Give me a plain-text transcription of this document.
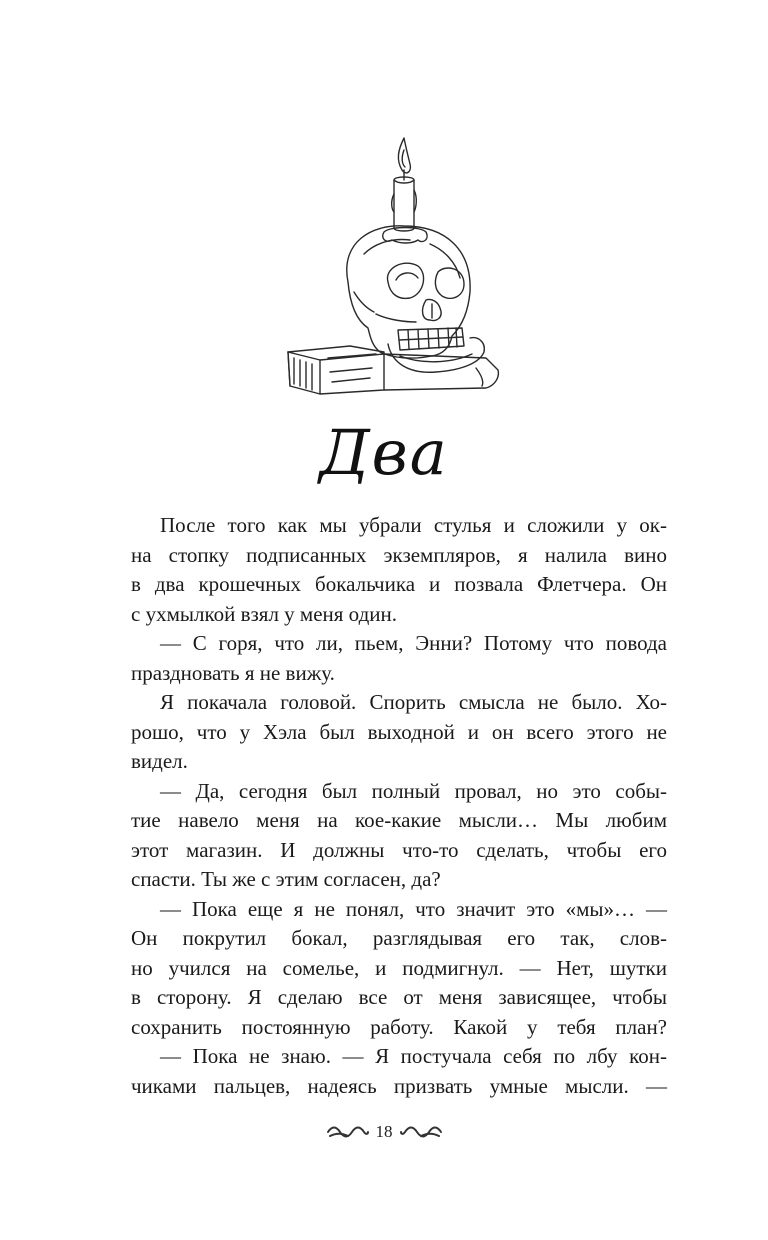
Два
После того как мы убрали стулья и сложили у ок-
на стопку подписанных экземпляров, я налила вино
в два крошечных бокальчика и позвала Флетчера. Он
с ухмылкой взял у меня один.
— С горя, что ли, пьем, Энни? Потому что повода
праздновать я не вижу.
Я покачала головой. Спорить смысла не было. Хо-
рошо, что у Хэла был выходной и он всего этого не
видел.
— Да, сегодня был полный провал, но это собы-
тие навело меня на кое-какие мысли… Мы любим
этот магазин. И должны что-то сделать, чтобы его
спасти. Ты же с этим согласен, да?
— Пока еще я не понял, что значит это «мы»… —
Он покрутил бокал, разглядывая его так, слов-
но учился на сомелье, и подмигнул. — Нет, шутки
в сторону. Я сделаю все от меня зависящее, чтобы
сохранить постоянную работу. Какой у тебя план?
— Пока не знаю. — Я постучала себя по лбу кон-
чиками пальцев, надеясь призвать умные мысли. —
18
